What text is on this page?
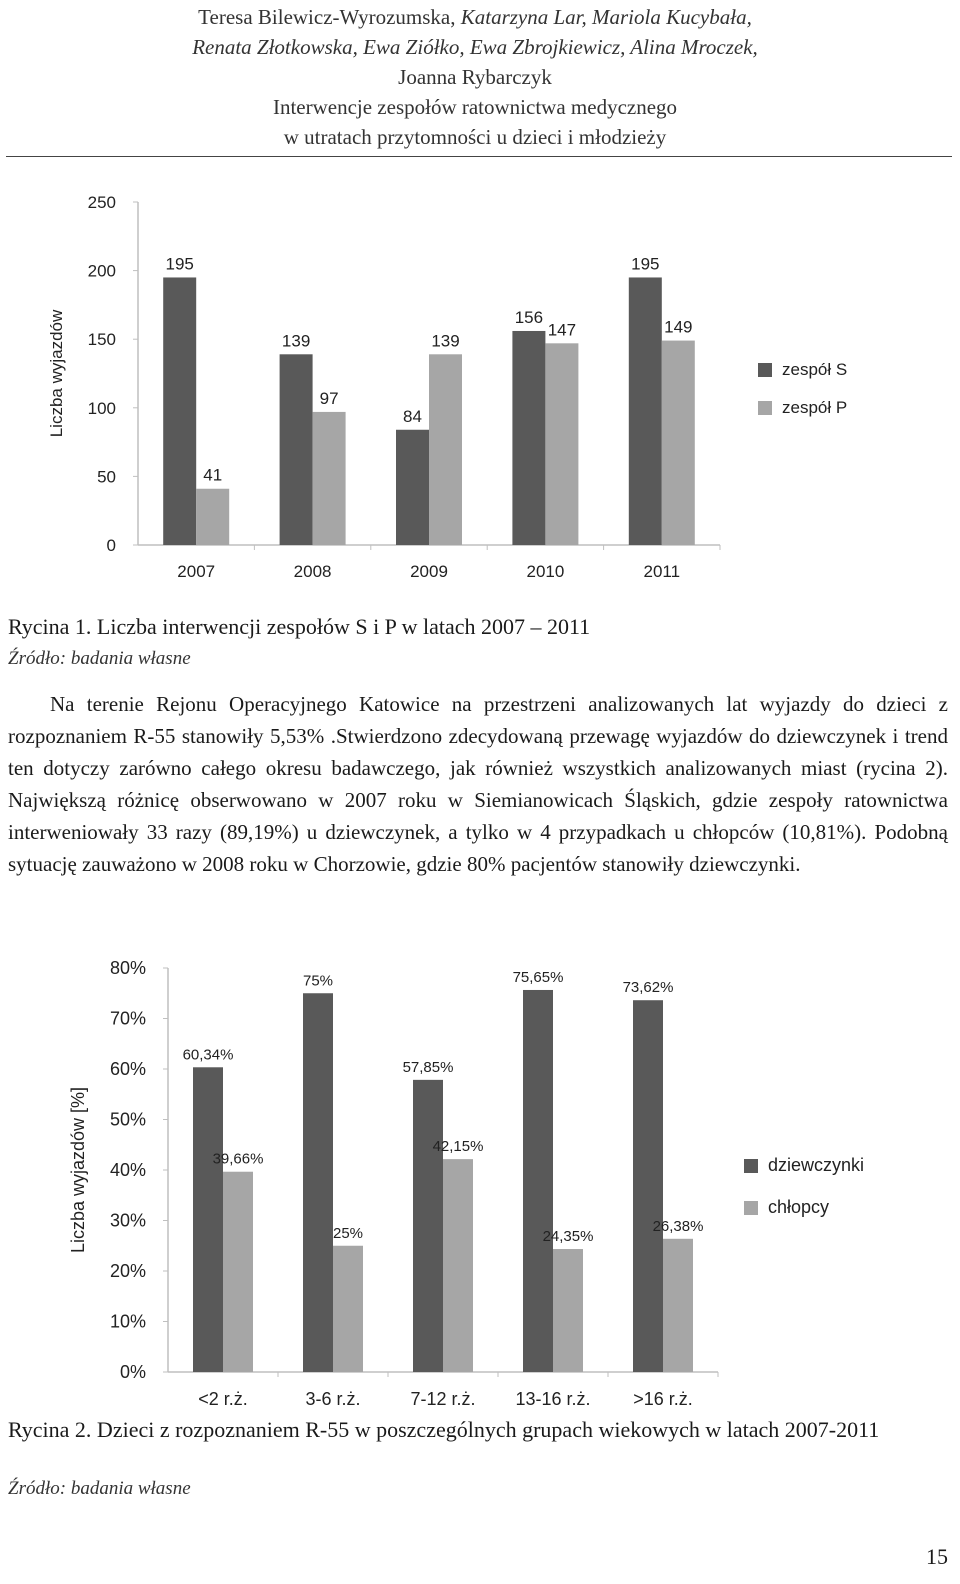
Teresa Bilewicz-Wyrozumska, Katarzyna Lar, Mariola Kucybała,
Renata Złotkowska, Ewa Ziółko, Ewa Zbrojkiewicz, Alina Mroczek,
Joanna Rybarczyk
Interwencje zespołów ratownictwa medycznego
w utratach przytomności u dzieci i młodzieży
0
50
100
150
200
250
Liczba wyjazdów
2007
195
41
2008
139
97
2009
84
139
2010
156
147
2011
195
149
zespół S
zespół P
Rycina 1. Liczba interwencji zespołów S i P w latach 2007 – 2011
Źródło: badania własne

Na terenie Rejonu Operacyjnego Katowice na przestrzeni analizowanych lat wyjazdy do dzieci z rozpoznaniem R-55 stanowiły 5,53% .Stwierdzono zdecydowaną przewagę wyjazdów do dziewczynek i trend ten dotyczy zarówno całego okresu badawczego, jak również wszystkich analizowanych miast (rycina 2). Największą różnicę obserwowano w 2007 roku w Siemianowicach Śląskich, gdzie zespoły ratownictwa interweniowały 33 razy (89,19%) u dziewczynek, a tylko w 4 przypadkach u chłopców (10,81%). Podobną sytuację zauważono w 2008 roku w Chorzowie, gdzie 80% pacjentów stanowiły dziewczynki.

0%
10%
20%
30%
40%
50%
60%
70%
80%
Liczba wyjazdów [%]
<2 r.ż.
60,34%
39,66%
3-6 r.ż.
75%
25%
7-12 r.ż.
57,85%
42,15%
13-16 r.ż.
75,65%
24,35%
>16 r.ż.
73,62%
26,38%
dziewczynki
chłopcy
Rycina 2. Dzieci z rozpoznaniem R-55 w poszczególnych grupach wiekowych w latach 2007-2011
Źródło: badania własne
15
